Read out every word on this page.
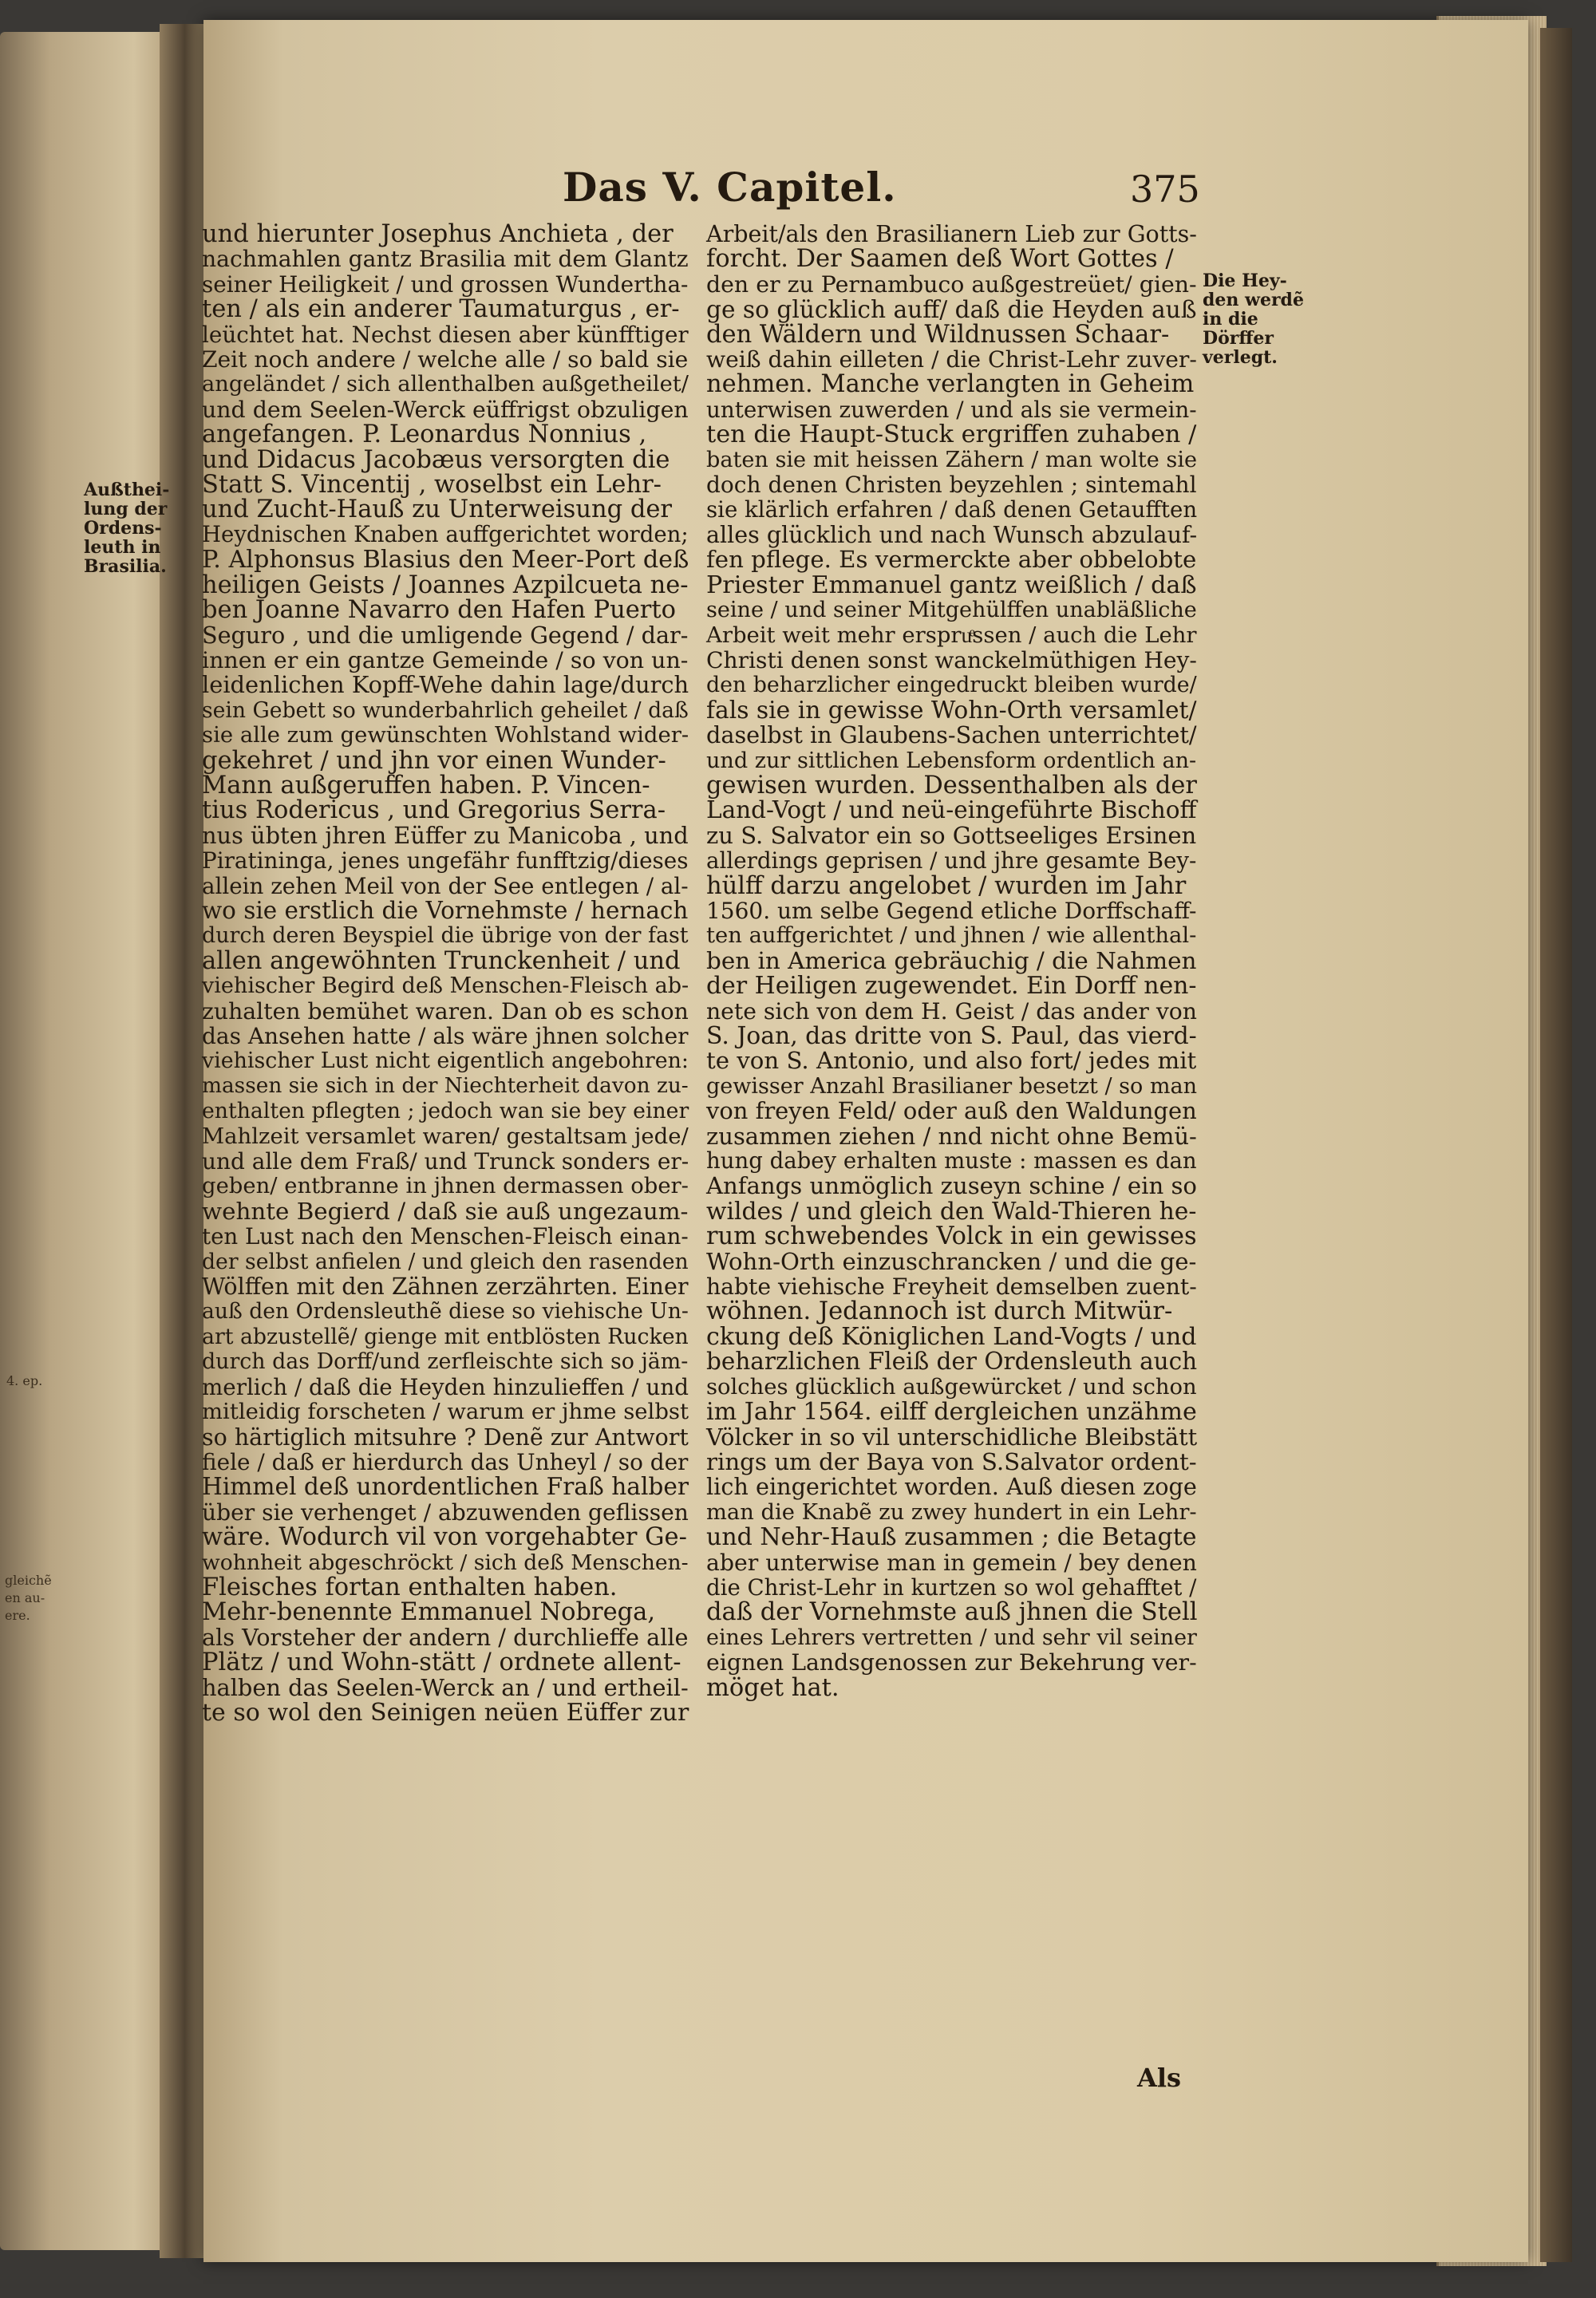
4. ep.
gleichẽ
en au-
ere.
Das V. Capitel.	375
Außthei-
lung der
Ordens-
leuth in
Brasilia.
Die Hey-
den werdẽ
in die
Dörffer
verlegt.
und hierunter Josephus Anchieta , der
nachmahlen gantz Brasilia mit dem Glantz
seiner Heiligkeit / und grossen Wundertha-
ten / als ein anderer Taumaturgus , er-
leüchtet hat. Nechst diesen aber künfftiger
Zeit noch andere / welche alle / so bald sie
angeländet / sich allenthalben außgetheilet/
und dem Seelen-Werck eüffrigst obzuligen
angefangen. P. Leonardus Nonnius ,
und Didacus Jacobæus versorgten die
Statt S. Vincentij , woselbst ein Lehr-
und Zucht-Hauß zu Unterweisung der
Heydnischen Knaben auffgerichtet worden;
P. Alphonsus Blasius den Meer-Port deß
heiligen Geists / Joannes Azpilcueta ne-
ben Joanne Navarro den Hafen Puerto
Seguro , und die umligende Gegend / dar-
innen er ein gantze Gemeinde / so von un-
leidenlichen Kopff-Wehe dahin lage/durch
sein Gebett so wunderbahrlich geheilet / daß
sie alle zum gewünschten Wohlstand wider-
gekehret / und jhn vor einen Wunder-
Mann außgeruffen haben. P. Vincen-
tius Rodericus , und Gregorius Serra-
nus übten jhren Eüffer zu Manicoba , und
Piratininga, jenes ungefähr funfftzig/dieses
allein zehen Meil von der See entlegen / al-
wo sie erstlich die Vornehmste / hernach
durch deren Beyspiel die übrige von der fast
allen angewöhnten Trunckenheit / und
viehischer Begird deß Menschen-Fleisch ab-
zuhalten bemühet waren. Dan ob es schon
das Ansehen hatte / als wäre jhnen solcher
viehischer Lust nicht eigentlich angebohren:
massen sie sich in der Niechterheit davon zu-
enthalten pflegten ; jedoch wan sie bey einer
Mahlzeit versamlet waren/ gestaltsam jede/
und alle dem Fraß/ und Trunck sonders er-
geben/ entbranne in jhnen dermassen ober-
wehnte Begierd / daß sie auß ungezaum-
ten Lust nach den Menschen-Fleisch einan-
der selbst anfielen / und gleich den rasenden
Wölffen mit den Zähnen zerzährten. Einer
auß den Ordensleuthẽ diese so viehische Un-
art abzustellẽ/ gienge mit entblösten Rucken
durch das Dorff/und zerfleischte sich so jäm-
merlich / daß die Heyden hinzulieffen / und
mitleidig forscheten / warum er jhme selbst
so härtiglich mitsuhre ? Denẽ zur Antwort
fiele / daß er hierdurch das Unheyl / so der
Himmel deß unordentlichen Fraß halber
über sie verhenget / abzuwenden geflissen
wäre. Wodurch vil von vorgehabter Ge-
wohnheit abgeschröckt / sich deß Menschen-
Fleisches fortan enthalten haben.
Mehr-benennte Emmanuel Nobrega,
als Vorsteher der andern / durchlieffe alle
Plätz / und Wohn-stätt / ordnete allent-
halben das Seelen-Werck an / und ertheil-
te so wol den Seinigen neüen Eüffer zur
Arbeit/als den Brasilianern Lieb zur Gotts-
forcht. Der Saamen deß Wort Gottes /
den er zu Pernambuco außgestreüet/ gien-
ge so glücklich auff/ daß die Heyden auß
den Wäldern und Wildnussen Schaar-
weiß dahin eilleten / die Christ-Lehr zuver-
nehmen. Manche verlangten in Geheim
unterwisen zuwerden / und als sie vermein-
ten die Haupt-Stuck ergriffen zuhaben /
baten sie mit heissen Zähern / man wolte sie
doch denen Christen beyzehlen ; sintemahl
sie klärlich erfahren / daß denen Getaufften
alles glücklich und nach Wunsch abzulauf-
fen pflege. Es vermerckte aber obbelobte
Priester Emmanuel gantz weißlich / daß
seine / und seiner Mitgehülffen unabläßliche
Arbeit weit mehr erspruͤssen / auch die Lehr
Christi denen sonst wanckelmüthigen Hey-
den beharzlicher eingedruckt bleiben wurde/
fals sie in gewisse Wohn-Orth versamlet/
daselbst in Glaubens-Sachen unterrichtet/
und zur sittlichen Lebensform ordentlich an-
gewisen wurden. Dessenthalben als der
Land-Vogt / und neü-eingeführte Bischoff
zu S. Salvator ein so Gottseeliges Ersinen
allerdings geprisen / und jhre gesamte Bey-
hülff darzu angelobet / wurden im Jahr
1560. um selbe Gegend etliche Dorffschaff-
ten auffgerichtet / und jhnen / wie allenthal-
ben in America gebräuchig / die Nahmen
der Heiligen zugewendet. Ein Dorff nen-
nete sich von dem H. Geist / das ander von
S. Joan, das dritte von S. Paul, das vierd-
te von S. Antonio, und also fort/ jedes mit
gewisser Anzahl Brasilianer besetzt / so man
von freyen Feld/ oder auß den Waldungen
zusammen ziehen / nnd nicht ohne Bemü-
hung dabey erhalten muste : massen es dan
Anfangs unmöglich zuseyn schine / ein so
wildes / und gleich den Wald-Thieren he-
rum schwebendes Volck in ein gewisses
Wohn-Orth einzuschrancken / und die ge-
habte viehische Freyheit demselben zuent-
wöhnen. Jedannoch ist durch Mitwür-
ckung deß Königlichen Land-Vogts / und
beharzlichen Fleiß der Ordensleuth auch
solches glücklich außgewürcket / und schon
im Jahr 1564. eilff dergleichen unzähme
Völcker in so vil unterschidliche Bleibstätt
rings um der Baya von S.Salvator ordent-
lich eingerichtet worden. Auß diesen zoge
man die Knabẽ zu zwey hundert in ein Lehr-
und Nehr-Hauß zusammen ; die Betagte
aber unterwise man in gemein / bey denen
die Christ-Lehr in kurtzen so wol gehafftet /
daß der Vornehmste auß jhnen die Stell
eines Lehrers vertretten / und sehr vil seiner
eignen Landsgenossen zur Bekehrung ver-
möget hat.
Als
